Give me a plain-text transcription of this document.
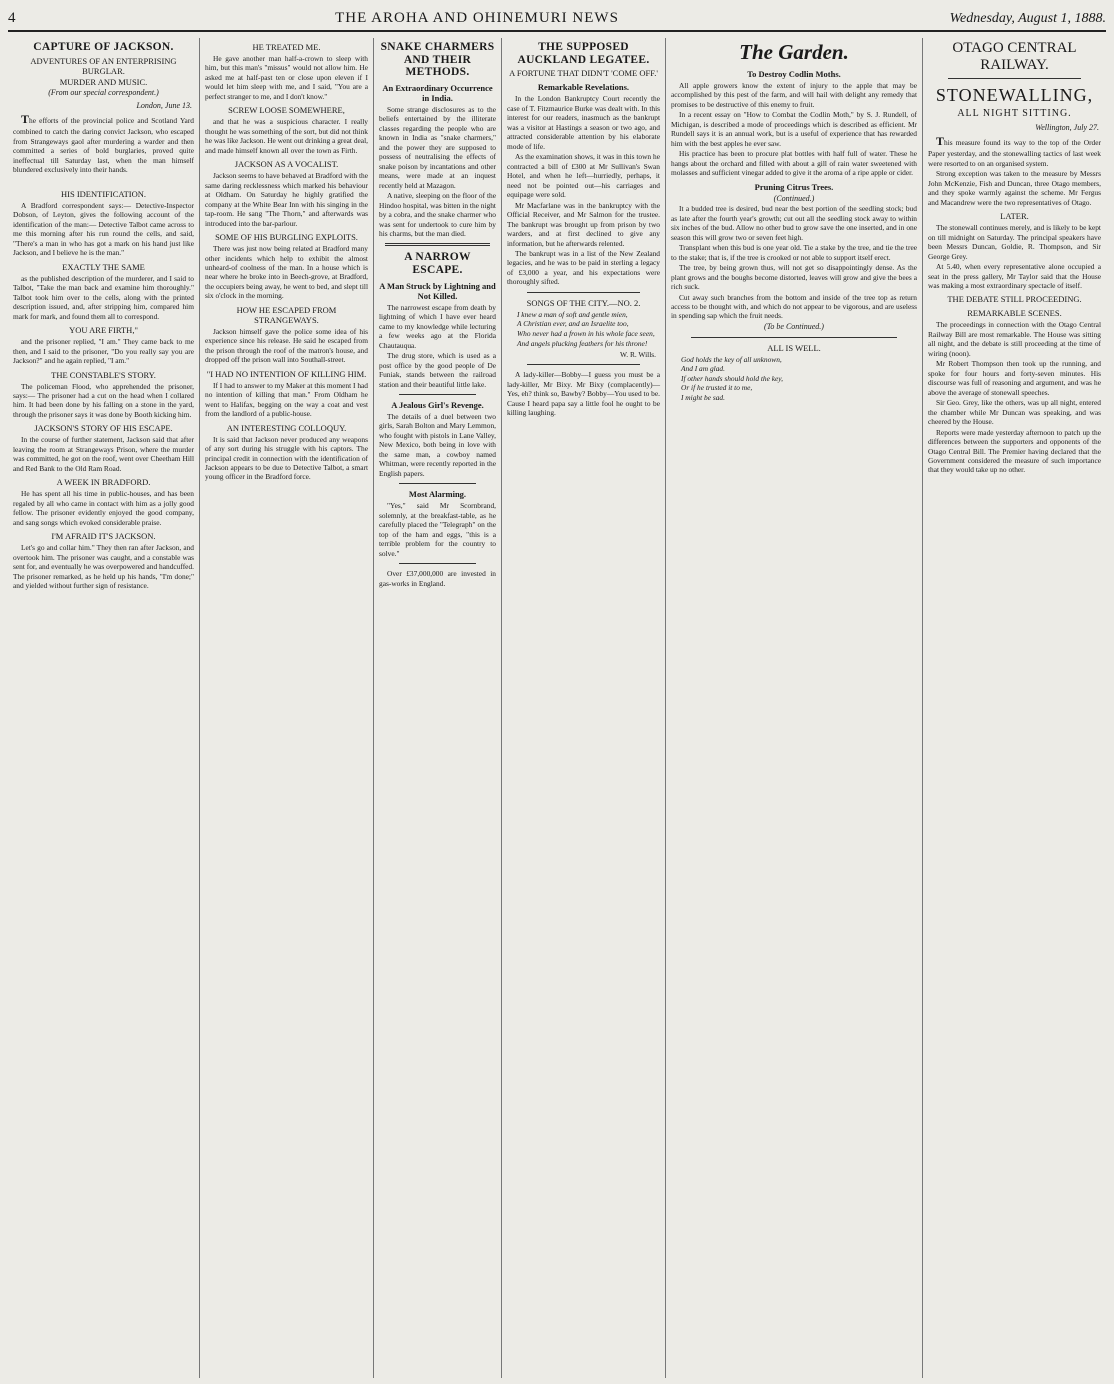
4	THE AROHA AND OHINEMURI NEWS	Wednesday, August 1, 1888.
CAPTURE OF JACKSON.
ADVENTURES OF AN ENTERPRISING BURGLAR.
MURDER AND MUSIC.
(From our special correspondent.)
London, June 13.

The efforts of the provincial police and Scotland Yard combined to catch the daring convict Jackson, who escaped from Strangeways gaol after murdering a warder and then committed a series of bold burglaries, proved quite ineffectual till Saturday last, when the man himself blundered exclusively into their hands.

HIS IDENTIFICATION.

A Bradford correspondent says:— Detective-Inspector Dobson, of Leyton, gives the following account of the identification of the man:— Detective Talbot came across to me this morning after his run round the cells, and said, "There's a man in who has got a mark on his hand just like Jackson, and I believe he is the man."

EXACTLY THE SAME

as the published description of the murderer, and I said to Talbot, "Take the man back and examine him thoroughly." Talbot took him over to the cells, along with the printed description issued, and, after stripping him, compared him mark for mark, and found them all to correspond.

YOU ARE FIRTH,"

and the prisoner replied, "I am." They came back to me then, and I said to the prisoner, "Do you really say you are Jackson?" and he again replied, "I am."

THE CONSTABLE'S STORY.

The policeman Flood, who apprehended the prisoner, says:— The prisoner had a cut on the head when I collared him. It had been done by his falling on a stone in the yard, through the prisoner says it was done by Booth kicking him.

JACKSON'S STORY OF HIS ESCAPE.

In the course of further statement, Jackson said that after leaving the room at Strangeways Prison, where the murder was committed, he got on the roof, went over Cheetham Hill and Red Bank to the Old Ram Road.

A WEEK IN BRADFORD.

He has spent all his time in public-houses, and has been regaled by all who came in contact with him as a jolly good fellow. The prisoner evidently enjoyed the good company, and sang songs which evoked considerable praise.

I'M AFRAID IT'S JACKSON.

Let's go and collar him." They then ran after Jackson, and overtook him. The prisoner was caught, and a constable was sent for, and eventually he was overpowered and handcuffed. The prisoner remarked, as he held up his hands, "I'm done;" and yielded without further sign of resistance.

HE TREATED ME.

He gave another man half-a-crown to sleep with him, but this man's "missus" would not allow him. He asked me at half-past ten or close upon eleven if I would let him sleep with me, and I said, "You are a perfect stranger to me, and I don't know."

SCREW LOOSE SOMEWHERE,

and that he was a suspicious character. I really thought he was something of the sort, but did not think he was like Jackson. He went out drinking a great deal, and made himself known all over the town as Firth.

JACKSON AS A VOCALIST.

Jackson seems to have behaved at Bradford with the same daring recklessness which marked his behaviour at Oldham. On Saturday he highly gratified the company at the White Bear Inn with his singing in the tap-room. He sang "The Thorn," and afterwards was introduced into the bar-parlour.

SOME OF HIS BURGLING EXPLOITS.

There was just now being related at Bradford many other incidents which help to exhibit the almost unheard-of coolness of the man. In a house which is near where he broke into in Beech-grove, at Bradford, the occupiers being away, he went to bed, and slept till six o'clock in the morning.

HOW HE ESCAPED FROM STRANGEWAYS.

Jackson himself gave the police some idea of his experience since his release. He said he escaped from the prison through the roof of the matron's house, and dropped off the prison wall into Southall-street.

"I HAD NO INTENTION OF KILLING HIM.

If I had to answer to my Maker at this moment I had no intention of killing that man." From Oldham he went to Halifax, begging on the way a coat and vest from the landlord of a public-house.

AN INTERESTING COLLOQUY.

It is said that Jackson never produced any weapons of any sort during his struggle with his captors. The principal credit in connection with the identification of Jackson appears to be due to Detective Talbot, a smart young officer in the Bradford force.

SNAKE CHARMERS AND THEIR METHODS.
An Extraordinary Occurrence in India.

Some strange disclosures as to the beliefs entertained by the illiterate classes regarding the people who are known in India as "snake charmers," and the power they are supposed to possess of neutralising the effects of snake poison by incantations and other means, were made at an inquest recently held at Mazagon.

A native, sleeping on the floor of the Hindoo hospital, was bitten in the night by a cobra, and the snake charmer who was sent for undertook to cure him by his charms, but the man died.

A NARROW ESCAPE.
A Man Struck by Lightning and Not Killed.

The narrowest escape from death by lightning of which I have ever heard came to my knowledge while lecturing a few weeks ago at the Florida Chautauqua.

The drug store, which is used as a post office by the good people of De Funiak, stands between the railroad station and their beautiful little lake.

A Jealous Girl's Revenge.

The details of a duel between two girls, Sarah Bolton and Mary Lemmon, who fought with pistols in Lane Valley, New Mexico, both being in love with the same man, a cowboy named Whitman, were recently reported in the English papers.

Most Alarming.

"Yes," said Mr Scornbrand, solemnly, at the breakfast-table, as he carefully placed the "Telegraph" on the top of the ham and eggs, "this is a terrible problem for the country to solve."

Over £37,000,000 are invested in gas-works in England.

THE SUPPOSED AUCKLAND LEGATEE.
A FORTUNE THAT DIDN'T 'COME OFF.'
Remarkable Revelations.

In the London Bankruptcy Court recently the case of T. Fitzmaurice Burke was dealt with. In this interest for our readers, inasmuch as the bankrupt was a visitor at Hastings a season or two ago, and attracted considerable attention by his elaborate mode of life.

As the examination shows, it was in this town he contracted a bill of £300 at Mr Sullivan's Swan Hotel, and when he left—hurriedly, perhaps, it need not be pointed out—his carriages and equipage were sold.

Mr Macfarlane was in the bankruptcy with the Official Receiver, and Mr Salmon for the trustee. The bankrupt was brought up from prison by two warders, and at first declined to give any information, but he afterwards relented.

The bankrupt was in a list of the New Zealand legacies, and he was to be paid in sterling a legacy of £3,000 a year, and his expectations were thoroughly sifted.

SONGS OF THE CITY.—NO. 2.
I knew a man of soft and gentle mien,
A Christian ever, and an Israelite too,
Who never had a frown in his whole face seen,
And angels plucking feathers for his throne!
W. R. Wills.

A lady-killer—Bobby—I guess you must be a lady-killer, Mr Bixy. Mr Bixy (complacently)—Yes, eh? think so, Bawby? Bobby—You used to be. Cause I heard papa say a little fool he ought to be killing laughing.

The Garden.
To Destroy Codlin Moths.

All apple growers know the extent of injury to the apple that may be accomplished by this pest of the farm, and will hail with delight any remedy that promises to be destructive of this enemy to fruit.

In a recent essay on "How to Combat the Codlin Moth," by S. J. Rundell, of Michigan, is described a mode of proceedings which is described as efficient. Mr Rundell says it is an annual work, but is a useful of experience that has rewarded him with the best apples he ever saw.

His practice has been to procure plat bottles with half full of water. These he hangs about the orchard and filled with about a gill of rain water sweetened with molasses and sufficient vinegar added to give it the aroma of a ripe apple or cider.

Pruning Citrus Trees.
(Continued.)

It a budded tree is desired, bud near the best portion of the seedling stock; bud as late after the fourth year's growth; cut out all the seedling stock away to within six inches of the bud. Allow no other bud to grow save the one inserted, and in one season this will grow two or seven feet high.

Transplant when this bud is one year old. Tie a stake by the tree, and tie the tree to the stake; that is, if the tree is crooked or not able to support itself erect.

The tree, by being grown thus, will not get so disappointingly dense. As the plant grows and the boughs become distorted, leaves will grow and give the bees a rich suck.

Cut away such branches from the bottom and inside of the tree top as return access to be thought with, and which do not appear to be vigorous, and are useless in spending sap which the fruit needs.

(To be Continued.)
ALL IS WELL.
God holds the key of all unknown,
And I am glad.
If other hands should hold the key,
Or if he trusted it to me,
I might be sad.
OTAGO CENTRAL RAILWAY.
STONEWALLING,
ALL NIGHT SITTING.
Wellington, July 27.

This measure found its way to the top of the Order Paper yesterday, and the stonewalling tactics of last week were resorted to on an organised system.

Strong exception was taken to the measure by Messrs John McKenzie, Fish and Duncan, three Otago members, and they spoke warmly against the scheme. Mr Fergus and Macandrew were the two representatives of Otago.

LATER.

The stonewall continues merely, and is likely to be kept on till midnight on Saturday. The principal speakers have been Messrs Duncan, Goldie, R. Thompson, and Sir George Grey.

At 5.40, when every representative alone occupied a seat in the press gallery, Mr Taylor said that the House was making a most extraordinary spectacle of itself.

THE DEBATE STILL PROCEEDING.
REMARKABLE SCENES.

The proceedings in connection with the Otago Central Railway Bill are most remarkable. The House was sitting all night, and the debate is still proceeding at the time of wiring (noon).

Mr Robert Thompson then took up the running, and spoke for four hours and forty-seven minutes. His discourse was full of reasoning and argument, and was he above the average of stonewall speeches.

Sir Geo. Grey, like the others, was up all night, entered the chamber while Mr Duncan was speaking, and was cheered by the House.

Reports were made yesterday afternoon to patch up the differences between the supporters and opponents of the Otago Central Bill. The Premier having declared that the Government considered the measure of such importance that they would take up no other.
